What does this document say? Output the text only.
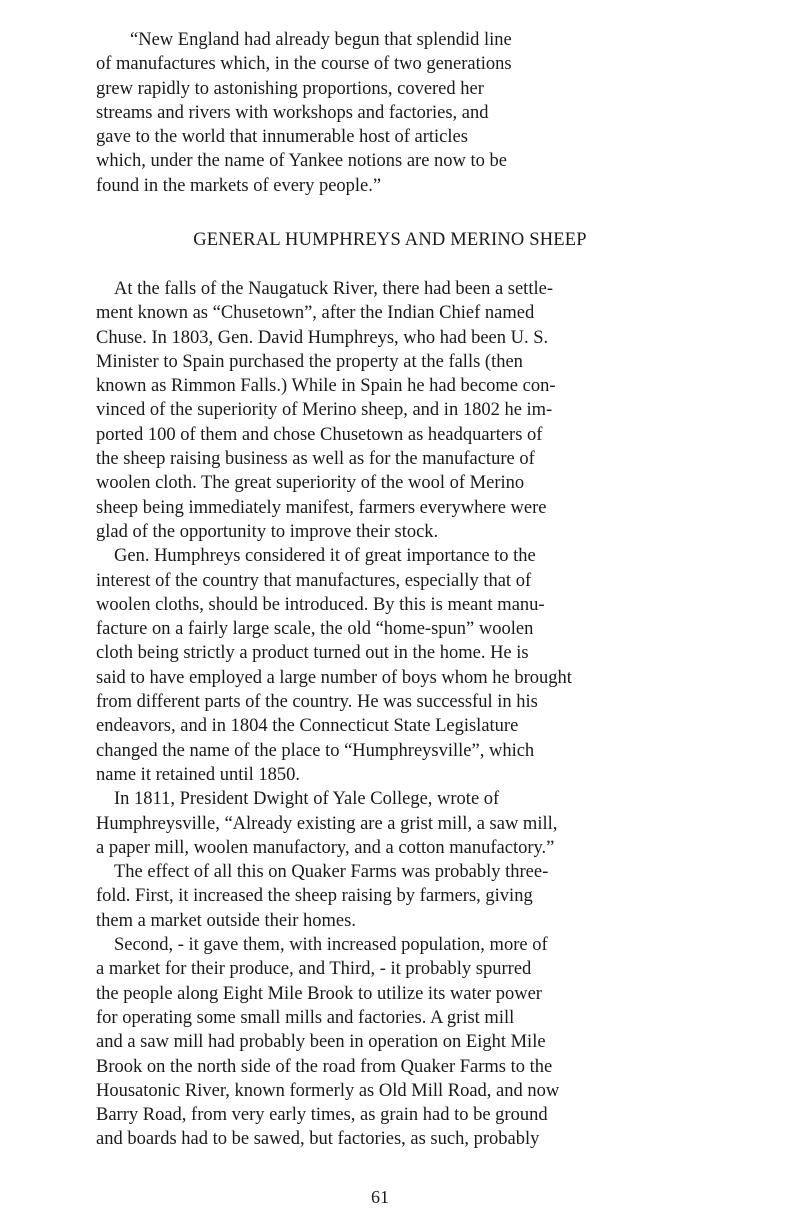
“New England had already begun that splendid line
of manufactures which, in the course of two generations
grew rapidly to astonishing proportions, covered her
streams and rivers with workshops and factories, and
gave to the world that innumerable host of articles
which, under the name of Yankee notions are now to be
found in the markets of every people.”
GENERAL HUMPHREYS AND MERINO SHEEP
At the falls of the Naugatuck River, there had been a settle-
ment known as “Chusetown”, after the Indian Chief named
Chuse. In 1803, Gen. David Humphreys, who had been U. S.
Minister to Spain purchased the property at the falls (then
known as Rimmon Falls.) While in Spain he had become con-
vinced of the superiority of Merino sheep, and in 1802 he im-
ported 100 of them and chose Chusetown as headquarters of
the sheep raising business as well as for the manufacture of
woolen cloth. The great superiority of the wool of Merino
sheep being immediately manifest, farmers everywhere were
glad of the opportunity to improve their stock.
Gen. Humphreys considered it of great importance to the
interest of the country that manufactures, especially that of
woolen cloths, should be introduced. By this is meant manu-
facture on a fairly large scale, the old “home-spun” woolen
cloth being strictly a product turned out in the home. He is
said to have employed a large number of boys whom he brought
from different parts of the country. He was successful in his
endeavors, and in 1804 the Connecticut State Legislature
changed the name of the place to “Humphreysville”, which
name it retained until 1850.
In 1811, President Dwight of Yale College, wrote of
Humphreysville, “Already existing are a grist mill, a saw mill,
a paper mill, woolen manufactory, and a cotton manufactory.”
The effect of all this on Quaker Farms was probably three-
fold. First, it increased the sheep raising by farmers, giving
them a market outside their homes.
Second, - it gave them, with increased population, more of
a market for their produce, and Third, - it probably spurred
the people along Eight Mile Brook to utilize its water power
for operating some small mills and factories. A grist mill
and a saw mill had probably been in operation on Eight Mile
Brook on the north side of the road from Quaker Farms to the
Housatonic River, known formerly as Old Mill Road, and now
Barry Road, from very early times, as grain had to be ground
and boards had to be sawed, but factories, as such, probably
61
